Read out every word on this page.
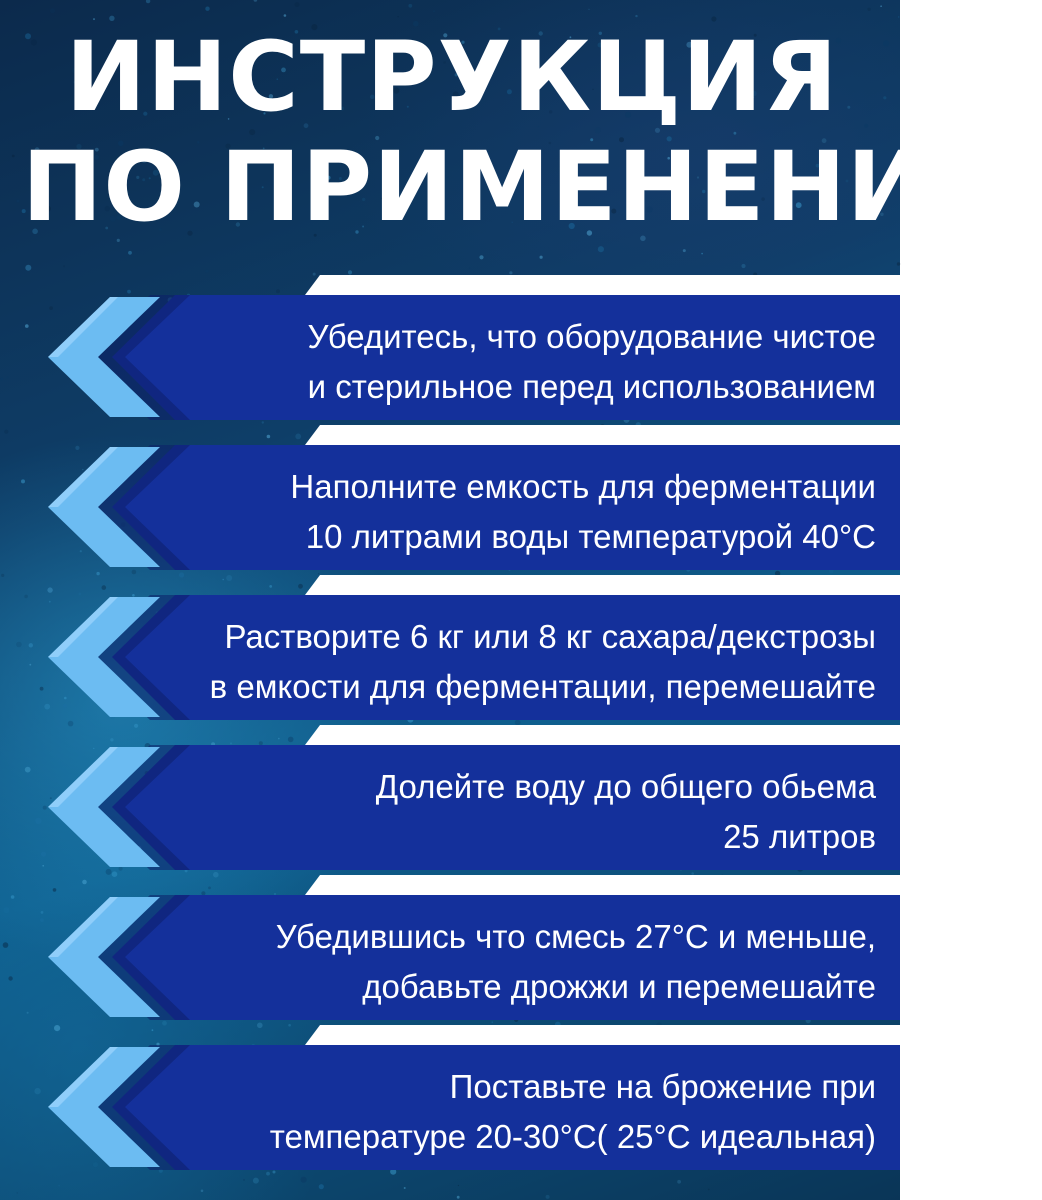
ИНСТРУКЦИЯ
ПО ПРИМЕНЕНИЮ
Убедитесь, что оборудование чистое
и стерильное перед использованием
Наполните емкость для ферментации
10 литрами воды температурой 40°С
Растворите 6 кг или 8 кг сахара/декстрозы
в емкости для ферментации, перемешайте
Долейте воду до общего обьема
25 литров
Убедившись что смесь 27°С и меньше,
добавьте дрожжи и перемешайте
Поставьте на брожение при
температуре 20-30°С( 25°С идеальная)
